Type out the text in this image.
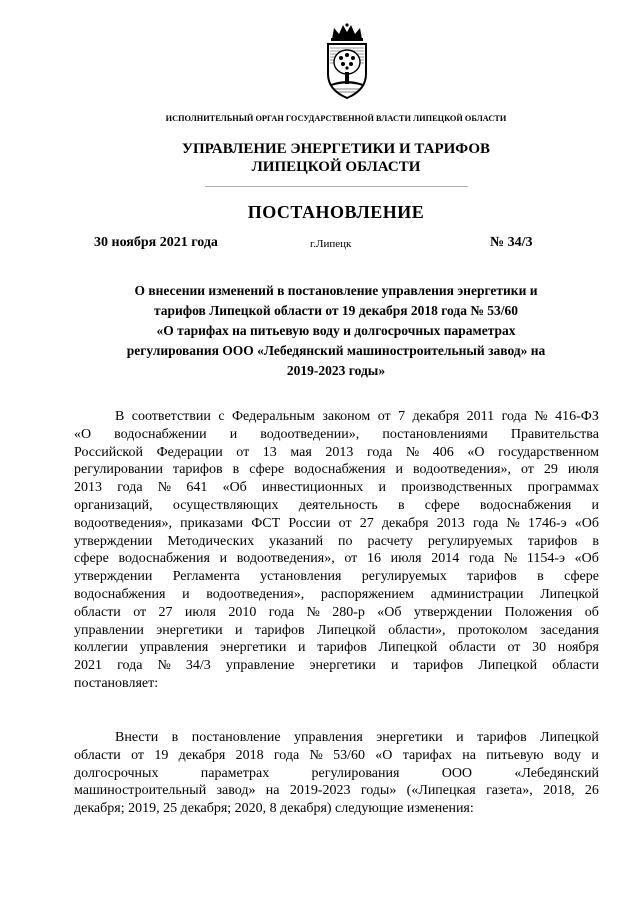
ИСПОЛНИТЕЛЬНЫЙ ОРГАН ГОСУДАРСТВЕННОЙ ВЛАСТИ ЛИПЕЦКОЙ ОБЛАСТИ
УПРАВЛЕНИЕ ЭНЕРГЕТИКИ И ТАРИФОВ
ЛИПЕЦКОЙ ОБЛАСТИ
ПОСТАНОВЛЕНИЕ
30 ноября 2021 года	г.Липецк	№ 34/3
О внесении изменений в постановление управления энергетики и
тарифов Липецкой области от 19 декабря 2018 года № 53/60
«О тарифах на питьевую воду и долгосрочных параметрах
регулирования ООО «Лебедянский машиностроительный завод» на
2019-2023 годы»
В соответствии с Федеральным законом от 7 декабря 2011 года № 416-ФЗ
«О водоснабжении и водоотведении», постановлениями Правительства
Российской Федерации от 13 мая 2013 года № 406 «О государственном
регулировании тарифов в сфере водоснабжения и водоотведения», от 29 июля
2013 года № 641 «Об инвестиционных и производственных программах
организаций, осуществляющих деятельность в сфере водоснабжения и
водоотведения», приказами ФСТ России от 27 декабря 2013 года № 1746-э «Об
утверждении Методических указаний по расчету регулируемых тарифов в
сфере водоснабжения и водоотведения», от 16 июля 2014 года № 1154-э «Об
утверждении Регламента установления регулируемых тарифов в сфере
водоснабжения и водоотведения», распоряжением администрации Липецкой
области от 27 июля 2010 года № 280-р «Об утверждении Положения об
управлении энергетики и тарифов Липецкой области», протоколом заседания
коллегии управления энергетики и тарифов Липецкой области от 30 ноября
2021 года № 34/3 управление энергетики и тарифов Липецкой области
постановляет:
Внести в постановление управления энергетики и тарифов Липецкой
области от 19 декабря 2018 года № 53/60 «О тарифах на питьевую воду и
долгосрочных	параметрах	регулирования	ООО	«Лебедянский
машиностроительный завод» на 2019-2023 годы» («Липецкая газета», 2018, 26
декабря; 2019, 25 декабря; 2020, 8 декабря) следующие изменения:
